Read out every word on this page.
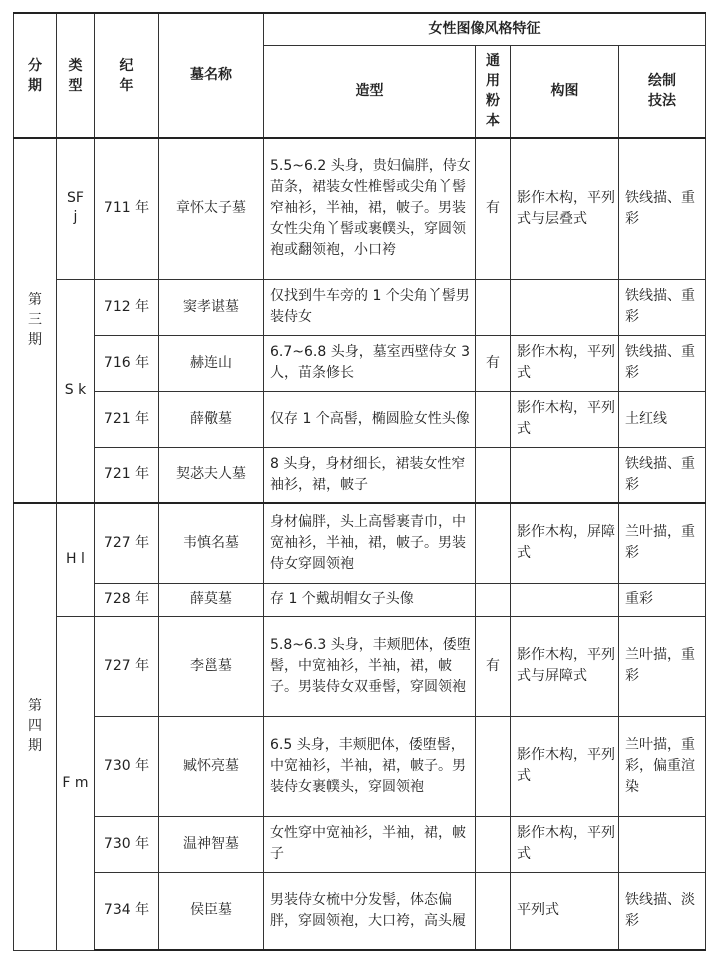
分期	类型	纪年	墓名称	女性图像风格特征			
				造型	通用粉本	构图	绘制技法
第三期	SF j	711 年	章怀太子墓	5.5~6.2 头身，贵妇偏胖，侍女苗条，裙装女性椎髻或尖角丫髻窄袖衫，半袖，裙，帔子。男装女性尖角丫髻或裹幞头，穿圆领袍或翻领袍，小口袴	有	影作木构，平列式与层叠式	铁线描、重彩
	S k	712 年	窦孝谌墓	仅找到牛车旁的 1 个尖角丫髻男装侍女			铁线描、重彩
		716 年	赫连山	6.7~6.8 头身，墓室西壁侍女 3 人，苗条修长	有	影作木构，平列式	铁线描、重彩
		721 年	薛儆墓	仅存 1 个高髻，椭圆脸女性头像		影作木构，平列式	土红线
		721 年	契苾夫人墓	8 头身，身材细长，裙装女性窄袖衫，裙，帔子			铁线描、重彩
第四期	H l	727 年	韦慎名墓	身材偏胖，头上高髻裹青巾，中宽袖衫，半袖，裙，帔子。男装侍女穿圆领袍		影作木构，屏障式	兰叶描，重彩
		728 年	薛莫墓	存 1 个戴胡帽女子头像			重彩
	F m	727 年	李邕墓	5.8~6.3 头身，丰颊肥体，倭堕髻，中宽袖衫，半袖，裙，帔子。男装侍女双垂髻，穿圆领袍	有	影作木构，平列式与屏障式	兰叶描，重彩
		730 年	臧怀亮墓	6.5 头身，丰颊肥体，倭堕髻，中宽袖衫，半袖，裙，帔子。男装侍女裹幞头，穿圆领袍		影作木构，平列式	兰叶描，重彩，偏重渲染
		730 年	温神智墓	女性穿中宽袖衫，半袖，裙，帔子		影作木构，平列式	
		734 年	侯臣墓	男装侍女梳中分发髻，体态偏胖，穿圆领袍，大口袴，高头履		平列式	铁线描、淡彩
